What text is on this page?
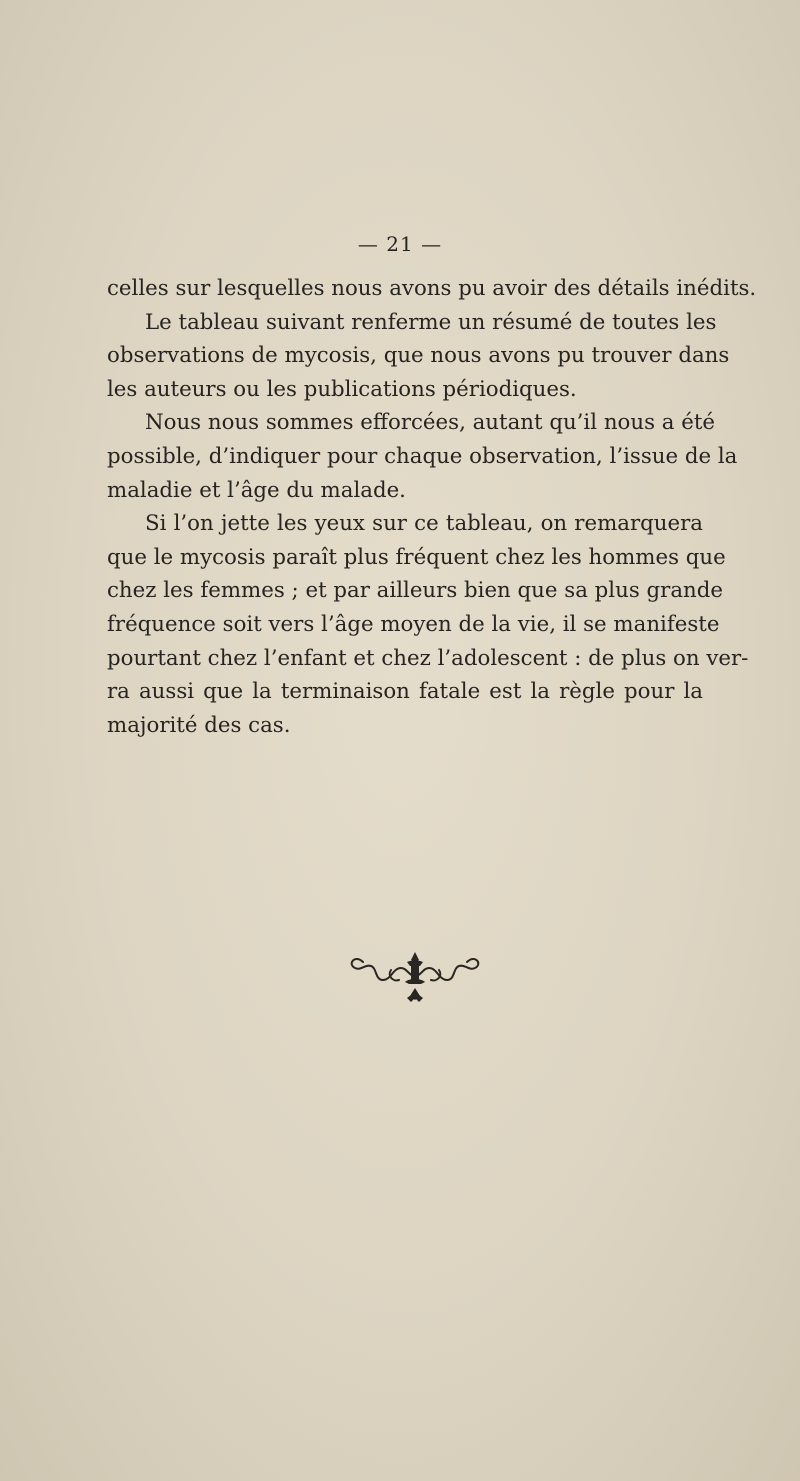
— 21 —
celles sur lesquelles nous avons pu avoir des détails inédits.
Le tableau suivant renferme un résumé de toutes les
observations de mycosis, que nous avons pu trouver dans
les auteurs ou les publications périodiques.
Nous nous sommes efforcées, autant qu’il nous a été
possible, d’indiquer pour chaque observation, l’issue de la
maladie et l’âge du malade.
Si l’on jette les yeux sur ce tableau, on remarquera
que le mycosis paraît plus fréquent chez les hommes que
chez les femmes ; et par ailleurs bien que sa plus grande
fréquence soit vers l’âge moyen de la vie, il se manifeste
pourtant chez l’enfant et chez l’adolescent : de plus on ver-
ra aussi que la terminaison fatale est la règle pour la
majorité des cas.
